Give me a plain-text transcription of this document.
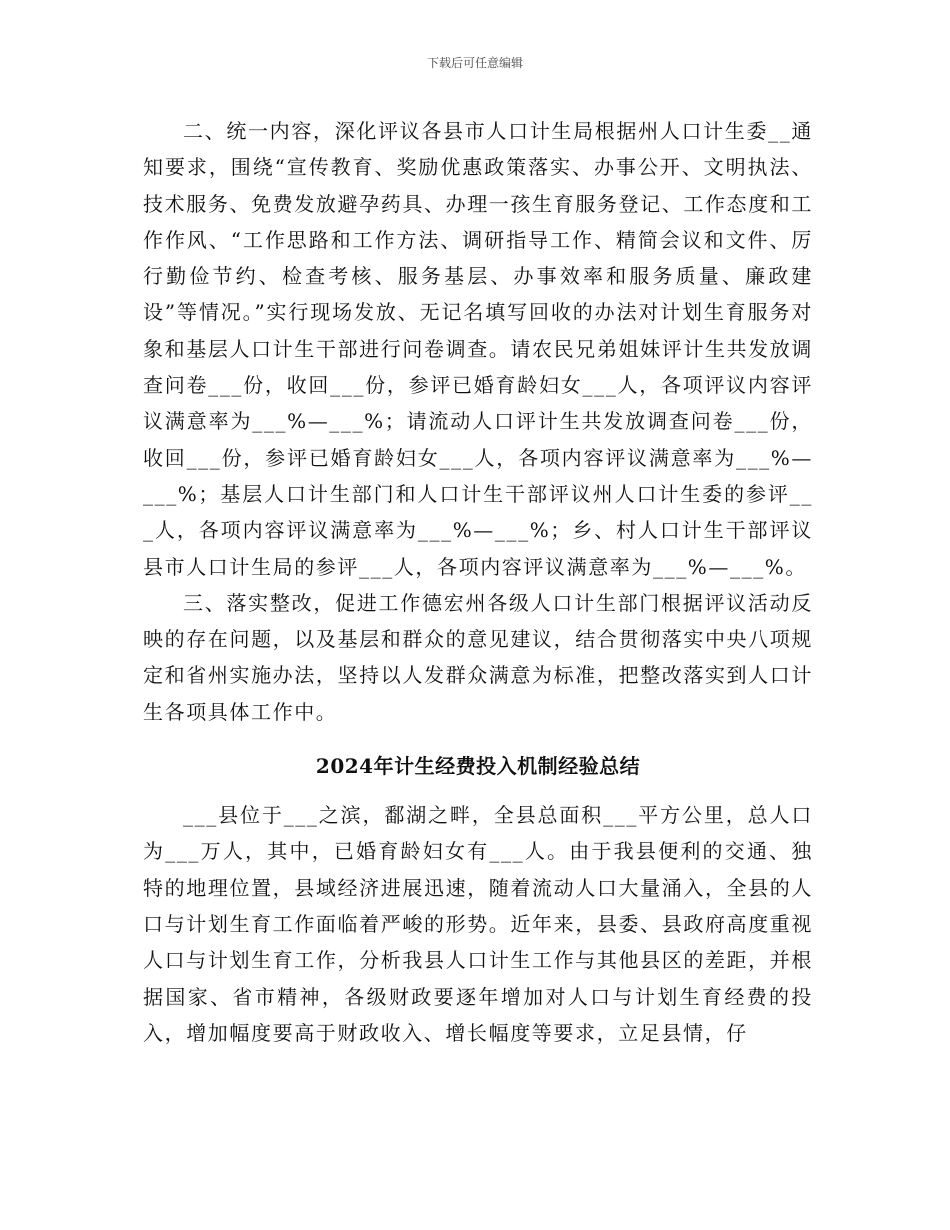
下载后可任意编辑

二、统一内容，深化评议各县市人口计生局根据州人口计生委__通知要求，围绕“宣传教育、奖励优惠政策落实、办事公开、文明执法、技术服务、免费发放避孕药具、办理一孩生育服务登记、工作态度和工作作风、“工作思路和工作方法、调研指导工作、精简会议和文件、厉行勤俭节约、检查考核、服务基层、办事效率和服务质量、廉政建设”等情况。”实行现场发放、无记名填写回收的办法对计划生育服务对象和基层人口计生干部进行问卷调查。请农民兄弟姐妹评计生共发放调查问卷___份，收回___份，参评已婚育龄妇女___人，各项评议内容评议满意率为___%—___%；请流动人口评计生共发放调查问卷___份，收回___份，参评已婚育龄妇女___人，各项内容评议满意率为___%—___%；基层人口计生部门和人口计生干部评议州人口计生委的参评___人，各项内容评议满意率为___%—___%；乡、村人口计生干部评议县市人口计生局的参评___人，各项内容评议满意率为___%—___%。

三、落实整改，促进工作德宏州各级人口计生部门根据评议活动反映的存在问题，以及基层和群众的意见建议，结合贯彻落实中央八项规定和省州实施办法，坚持以人发群众满意为标准，把整改落实到人口计生各项具体工作中。

2024年计生经费投入机制经验总结

___县位于___之滨，鄱湖之畔，全县总面积___平方公里，总人口为___万人，其中，已婚育龄妇女有___人。由于我县便利的交通、独特的地理位置，县域经济进展迅速，随着流动人口大量涌入，全县的人口与计划生育工作面临着严峻的形势。近年来，县委、县政府高度重视人口与计划生育工作，分析我县人口计生工作与其他县区的差距，并根据国家、省市精神，各级财政要逐年增加对人口与计划生育经费的投入，增加幅度要高于财政收入、增长幅度等要求，立足县情，仔
